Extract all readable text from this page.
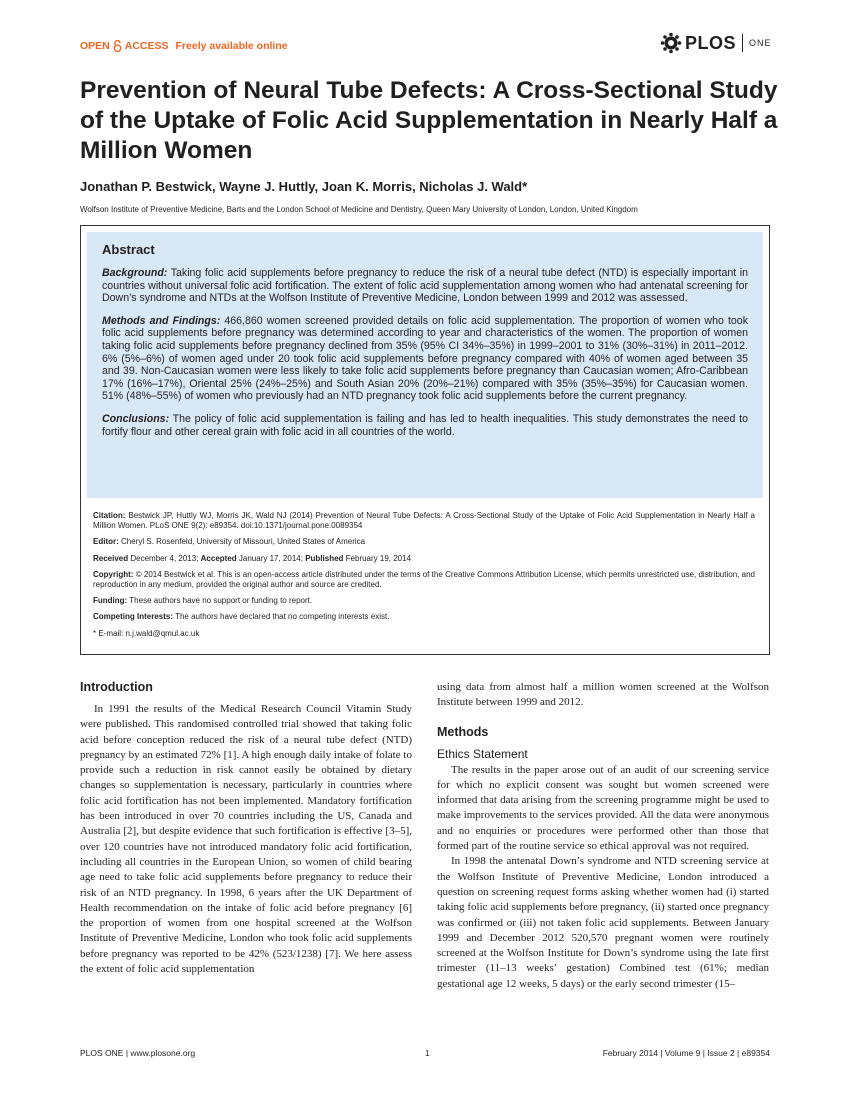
OPEN ACCESS Freely available online	PLOS ONE
Prevention of Neural Tube Defects: A Cross-Sectional Study of the Uptake of Folic Acid Supplementation in Nearly Half a Million Women
Jonathan P. Bestwick, Wayne J. Huttly, Joan K. Morris, Nicholas J. Wald*
Wolfson Institute of Preventive Medicine, Barts and the London School of Medicine and Dentistry, Queen Mary University of London, London, United Kingdom
Abstract

Background: Taking folic acid supplements before pregnancy to reduce the risk of a neural tube defect (NTD) is especially important in countries without universal folic acid fortification. The extent of folic acid supplementation among women who had antenatal screening for Down’s syndrome and NTDs at the Wolfson Institute of Preventive Medicine, London between 1999 and 2012 was assessed.

Methods and Findings: 466,860 women screened provided details on folic acid supplementation. The proportion of women who took folic acid supplements before pregnancy was determined according to year and characteristics of the women. The proportion of women taking folic acid supplements before pregnancy declined from 35% (95% CI 34%–35%) in 1999–2001 to 31% (30%–31%) in 2011–2012. 6% (5%–6%) of women aged under 20 took folic acid supplements before pregnancy compared with 40% of women aged between 35 and 39. Non-Caucasian women were less likely to take folic acid supplements before pregnancy than Caucasian women; Afro-Caribbean 17% (16%–17%), Oriental 25% (24%–25%) and South Asian 20% (20%–21%) compared with 35% (35%–35%) for Caucasian women. 51% (48%–55%) of women who previously had an NTD pregnancy took folic acid supplements before the current pregnancy.

Conclusions: The policy of folic acid supplementation is failing and has led to health inequalities. This study demonstrates the need to fortify flour and other cereal grain with folic acid in all countries of the world.

Citation: Bestwick JP, Huttly WJ, Morris JK, Wald NJ (2014) Prevention of Neural Tube Defects: A Cross-Sectional Study of the Uptake of Folic Acid Supplementation in Nearly Half a Million Women. PLoS ONE 9(2): e89354. doi:10.1371/journal.pone.0089354

Editor: Cheryl S. Rosenfeld, University of Missouri, United States of America

Received December 4, 2013; Accepted January 17, 2014; Published February 19, 2014

Copyright: © 2014 Bestwick et al. This is an open-access article distributed under the terms of the Creative Commons Attribution License, which permits unrestricted use, distribution, and reproduction in any medium, provided the original author and source are credited.

Funding: These authors have no support or funding to report.

Competing Interests: The authors have declared that no competing interests exist.

* E-mail: n.j.wald@qmul.ac.uk

Introduction

In 1991 the results of the Medical Research Council Vitamin Study were published. This randomised controlled trial showed that taking folic acid before conception reduced the risk of a neural tube defect (NTD) pregnancy by an estimated 72% [1]. A high enough daily intake of folate to provide such a reduction in risk cannot easily be obtained by dietary changes so supplementation is necessary, particularly in countries where folic acid fortification has not been implemented. Mandatory fortification has been introduced in over 70 countries including the US, Canada and Australia [2], but despite evidence that such fortification is effective [3–5], over 120 countries have not introduced mandatory folic acid fortification, including all countries in the European Union, so women of child bearing age need to take folic acid supplements before pregnancy to reduce their risk of an NTD pregnancy. In 1998, 6 years after the UK Department of Health recommendation on the intake of folic acid before pregnancy [6] the proportion of women from one hospital screened at the Wolfson Institute of Preventive Medicine, London who took folic acid supplements before pregnancy was reported to be 42% (523/1238) [7]. We here assess the extent of folic acid supplementation

using data from almost half a million women screened at the Wolfson Institute between 1999 and 2012.

Methods
Ethics Statement

The results in the paper arose out of an audit of our screening service for which no explicit consent was sought but women screened were informed that data arising from the screening programme might be used to make improvements to the services provided. All the data were anonymous and no enquiries or procedures were performed other than those that formed part of the routine service so ethical approval was not required.

In 1998 the antenatal Down’s syndrome and NTD screening service at the Wolfson Institute of Preventive Medicine, London introduced a question on screening request forms asking whether women had (i) started taking folic acid supplements before pregnancy, (ii) started once pregnancy was confirmed or (iii) not taken folic acid supplements. Between January 1999 and December 2012 520,570 pregnant women were routinely screened at the Wolfson Institute for Down’s syndrome using the late first trimester (11–13 weeks’ gestation) Combined test (61%; median gestational age 12 weeks, 5 days) or the early second trimester (15–

PLOS ONE | www.plosone.org	1	February 2014 | Volume 9 | Issue 2 | e89354
